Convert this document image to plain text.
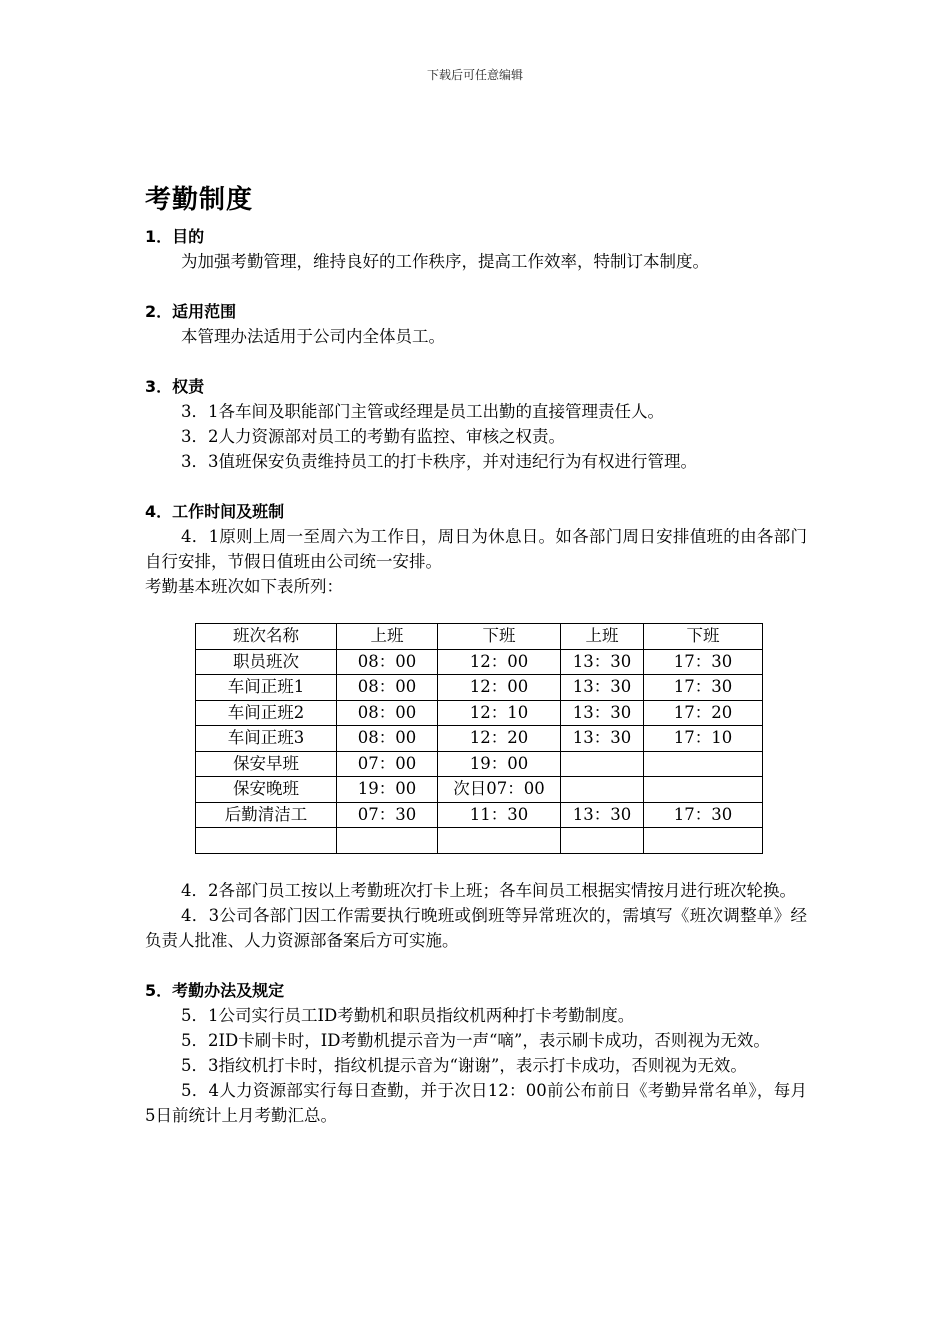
下载后可任意编辑
考勤制度

1．目的

为加强考勤管理，维持良好的工作秩序，提高工作效率，特制订本制度。

2．适用范围

本管理办法适用于公司内全体员工。

3．权责

3．1各车间及职能部门主管或经理是员工出勤的直接管理责任人。

3．2人力资源部对员工的考勤有监控、审核之权责。

3．3值班保安负责维持员工的打卡秩序，并对违纪行为有权进行管理。

4．工作时间及班制

4．1原则上周一至周六为工作日，周日为休息日。如各部门周日安排值班的由各部门自行安排，节假日值班由公司统一安排。

考勤基本班次如下表所列：

班次名称	上班	下班	上班	下班
职员班次	08：00	12：00	13：30	17：30
车间正班1	08：00	12：00	13：30	17：30
车间正班2	08：00	12：10	13：30	17：20
车间正班3	08：00	12：20	13：30	17：10
保安早班	07：00	19：00		
保安晚班	19：00	次日07：00		
后勤清洁工	07：30	11：30	13：30	17：30

4．2各部门员工按以上考勤班次打卡上班；各车间员工根据实情按月进行班次轮换。

4．3公司各部门因工作需要执行晚班或倒班等异常班次的，需填写《班次调整单》经负责人批准、人力资源部备案后方可实施。

5．考勤办法及规定

5．1公司实行员工ID考勤机和职员指纹机两种打卡考勤制度。

5．2ID卡刷卡时，ID考勤机提示音为一声“嘀”，表示刷卡成功，否则视为无效。

5．3指纹机打卡时，指纹机提示音为“谢谢”，表示打卡成功，否则视为无效。

5．4人力资源部实行每日查勤，并于次日12：00前公布前日《考勤异常名单》，每月5日前统计上月考勤汇总。
